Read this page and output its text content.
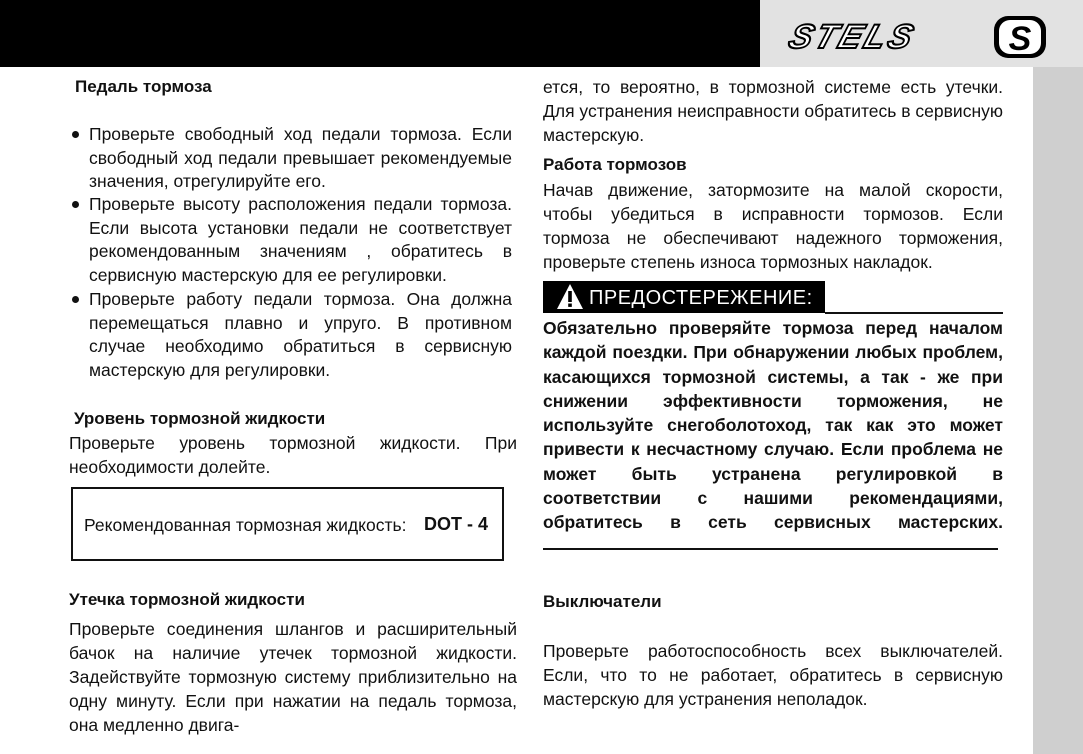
STELS	S
Педаль тормоза
Проверьте свободный ход педали тормоза. Если свободный ход педали превышает рекомендуемые значения, отрегулируйте его.
Проверьте высоту расположения педали тормоза. Если высота установки педали не соответствует рекомендованным значениям , обратитесь в сервисную мастерскую для ее регулировки.
Проверьте работу педали тормоза. Она должна перемещаться плавно и упруго. В противном случае необходимо обратиться в сервисную мастерскую для регулировки.
Уровень тормозной жидкости
Проверьте уровень тормозной жидкости. При необходимости долейте.
Рекомендованная тормозная жидкость: DOT - 4
Утечка тормозной жидкости
Проверьте соединения шлангов и расширительный бачок на наличие утечек тормозной жидкости. Задействуйте тормозную систему приблизительно на одну минуту. Если при нажатии на педаль тормоза, она медленно двига-
ется, то вероятно, в тормозной системе есть утечки. Для устранения неисправности обратитесь в сервисную мастерскую.
Работа тормозов
Начав движение, затормозите на малой скорости, чтобы убедиться в исправности тормозов. Если тормоза не обеспечивают надежного торможения, проверьте степень износа тормозных накладок.
ПРЕДОСТЕРЕЖЕНИЕ:
Обязательно проверяйте тормоза перед началом каждой поездки. При обнаружении любых проблем, касающихся тормозной системы, а так - же при снижении эффективности торможения, не используйте снегоболотоход, так как это может привести к несчастному случаю. Если проблема не может быть устранена регулировкой в соответствии с нашими рекомендациями, обратитесь в сеть сервисных мастерских.
Выключатели
Проверьте работоспособность всех выключателей. Если, что то не работает, обратитесь в сервисную мастерскую для устранения неполадок.
